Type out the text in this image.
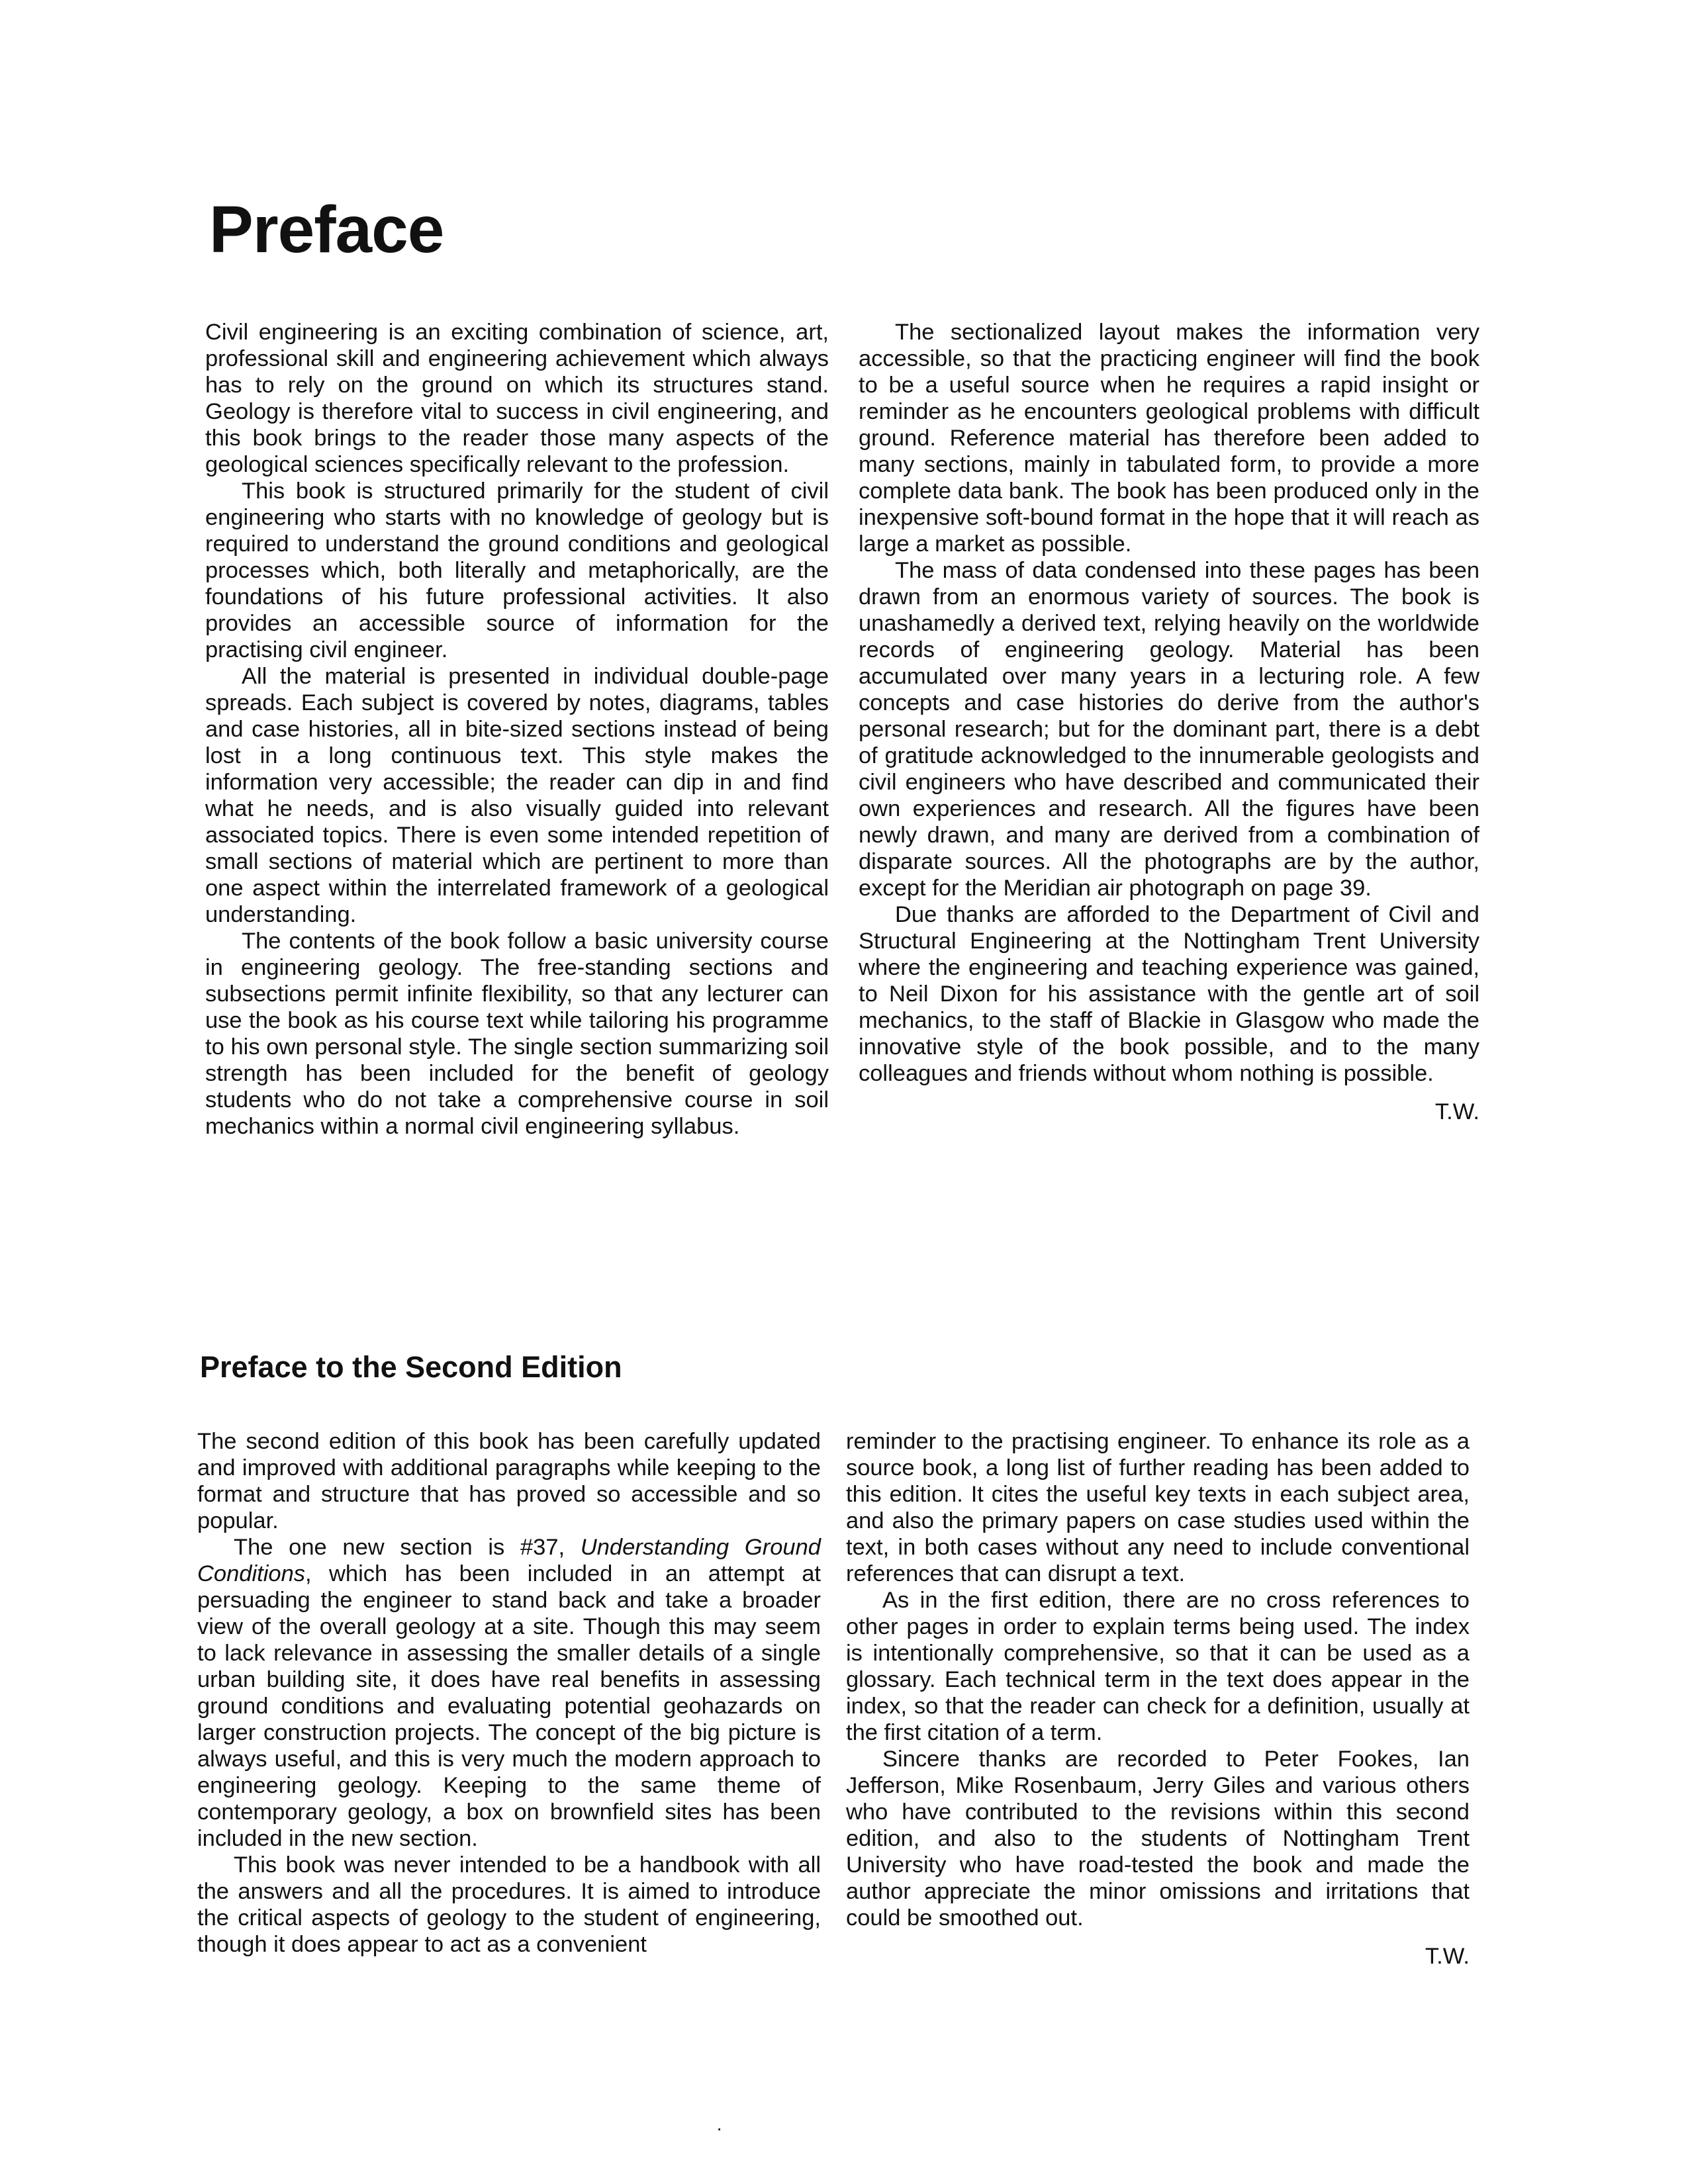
Preface

Civil engineering is an exciting combination of science, art, professional skill and engineering achievement which always has to rely on the ground on which its structures stand. Geology is therefore vital to success in civil engineering, and this book brings to the reader those many aspects of the geological sciences specifically relevant to the profession.

This book is structured primarily for the student of civil engineering who starts with no knowledge of geology but is required to understand the ground conditions and geological processes which, both literally and metaphorically, are the foundations of his future professional activities. It also provides an accessible source of information for the practising civil engineer.

All the material is presented in individual double-page spreads. Each subject is covered by notes, diagrams, tables and case histories, all in bite-sized sections instead of being lost in a long continuous text. This style makes the information very accessible; the reader can dip in and find what he needs, and is also visually guided into relevant associated topics. There is even some intended repetition of small sections of material which are pertinent to more than one aspect within the interrelated framework of a geological understanding.

The contents of the book follow a basic university course in engineering geology. The free-standing sections and subsections permit infinite flexibility, so that any lecturer can use the book as his course text while tailoring his programme to his own personal style. The single section summarizing soil strength has been included for the benefit of geology students who do not take a comprehensive course in soil mechanics within a normal civil engineering syllabus.

The sectionalized layout makes the information very accessible, so that the practicing engineer will find the book to be a useful source when he requires a rapid insight or reminder as he encounters geological problems with difficult ground. Reference material has therefore been added to many sections, mainly in tabulated form, to provide a more complete data bank. The book has been produced only in the inexpensive soft-bound format in the hope that it will reach as large a market as possible.

The mass of data condensed into these pages has been drawn from an enormous variety of sources. The book is unashamedly a derived text, relying heavily on the worldwide records of engineering geology. Material has been accumulated over many years in a lecturing role. A few concepts and case histories do derive from the author's personal research; but for the dominant part, there is a debt of gratitude acknowledged to the innumerable geologists and civil engineers who have described and communicated their own experiences and research. All the figures have been newly drawn, and many are derived from a combination of disparate sources. All the photographs are by the author, except for the Meridian air photograph on page 39.

Due thanks are afforded to the Department of Civil and Structural Engineering at the Nottingham Trent University where the engineering and teaching experience was gained, to Neil Dixon for his assistance with the gentle art of soil mechanics, to the staff of Blackie in Glasgow who made the innovative style of the book possible, and to the many colleagues and friends without whom nothing is possible.

T.W.

Preface to the Second Edition

The second edition of this book has been carefully updated and improved with additional paragraphs while keeping to the format and structure that has proved so accessible and so popular.

The one new section is #37, Understanding Ground Conditions, which has been included in an attempt at persuading the engineer to stand back and take a broader view of the overall geology at a site. Though this may seem to lack relevance in assessing the smaller details of a single urban building site, it does have real benefits in assessing ground conditions and evaluating potential geohazards on larger construction projects. The concept of the big picture is always useful, and this is very much the modern approach to engineering geology. Keeping to the same theme of contemporary geology, a box on brownfield sites has been included in the new section.

This book was never intended to be a handbook with all the answers and all the procedures. It is aimed to introduce the critical aspects of geology to the student of engineering, though it does appear to act as a convenient

reminder to the practising engineer. To enhance its role as a source book, a long list of further reading has been added to this edition. It cites the useful key texts in each subject area, and also the primary papers on case studies used within the text, in both cases without any need to include conventional references that can disrupt a text.

As in the first edition, there are no cross references to other pages in order to explain terms being used. The index is intentionally comprehensive, so that it can be used as a glossary. Each technical term in the text does appear in the index, so that the reader can check for a definition, usually at the first citation of a term.

Sincere thanks are recorded to Peter Fookes, Ian Jefferson, Mike Rosenbaum, Jerry Giles and various others who have contributed to the revisions within this second edition, and also to the students of Nottingham Trent University who have road-tested the book and made the author appreciate the minor omissions and irritations that could be smoothed out.

T.W.

·
